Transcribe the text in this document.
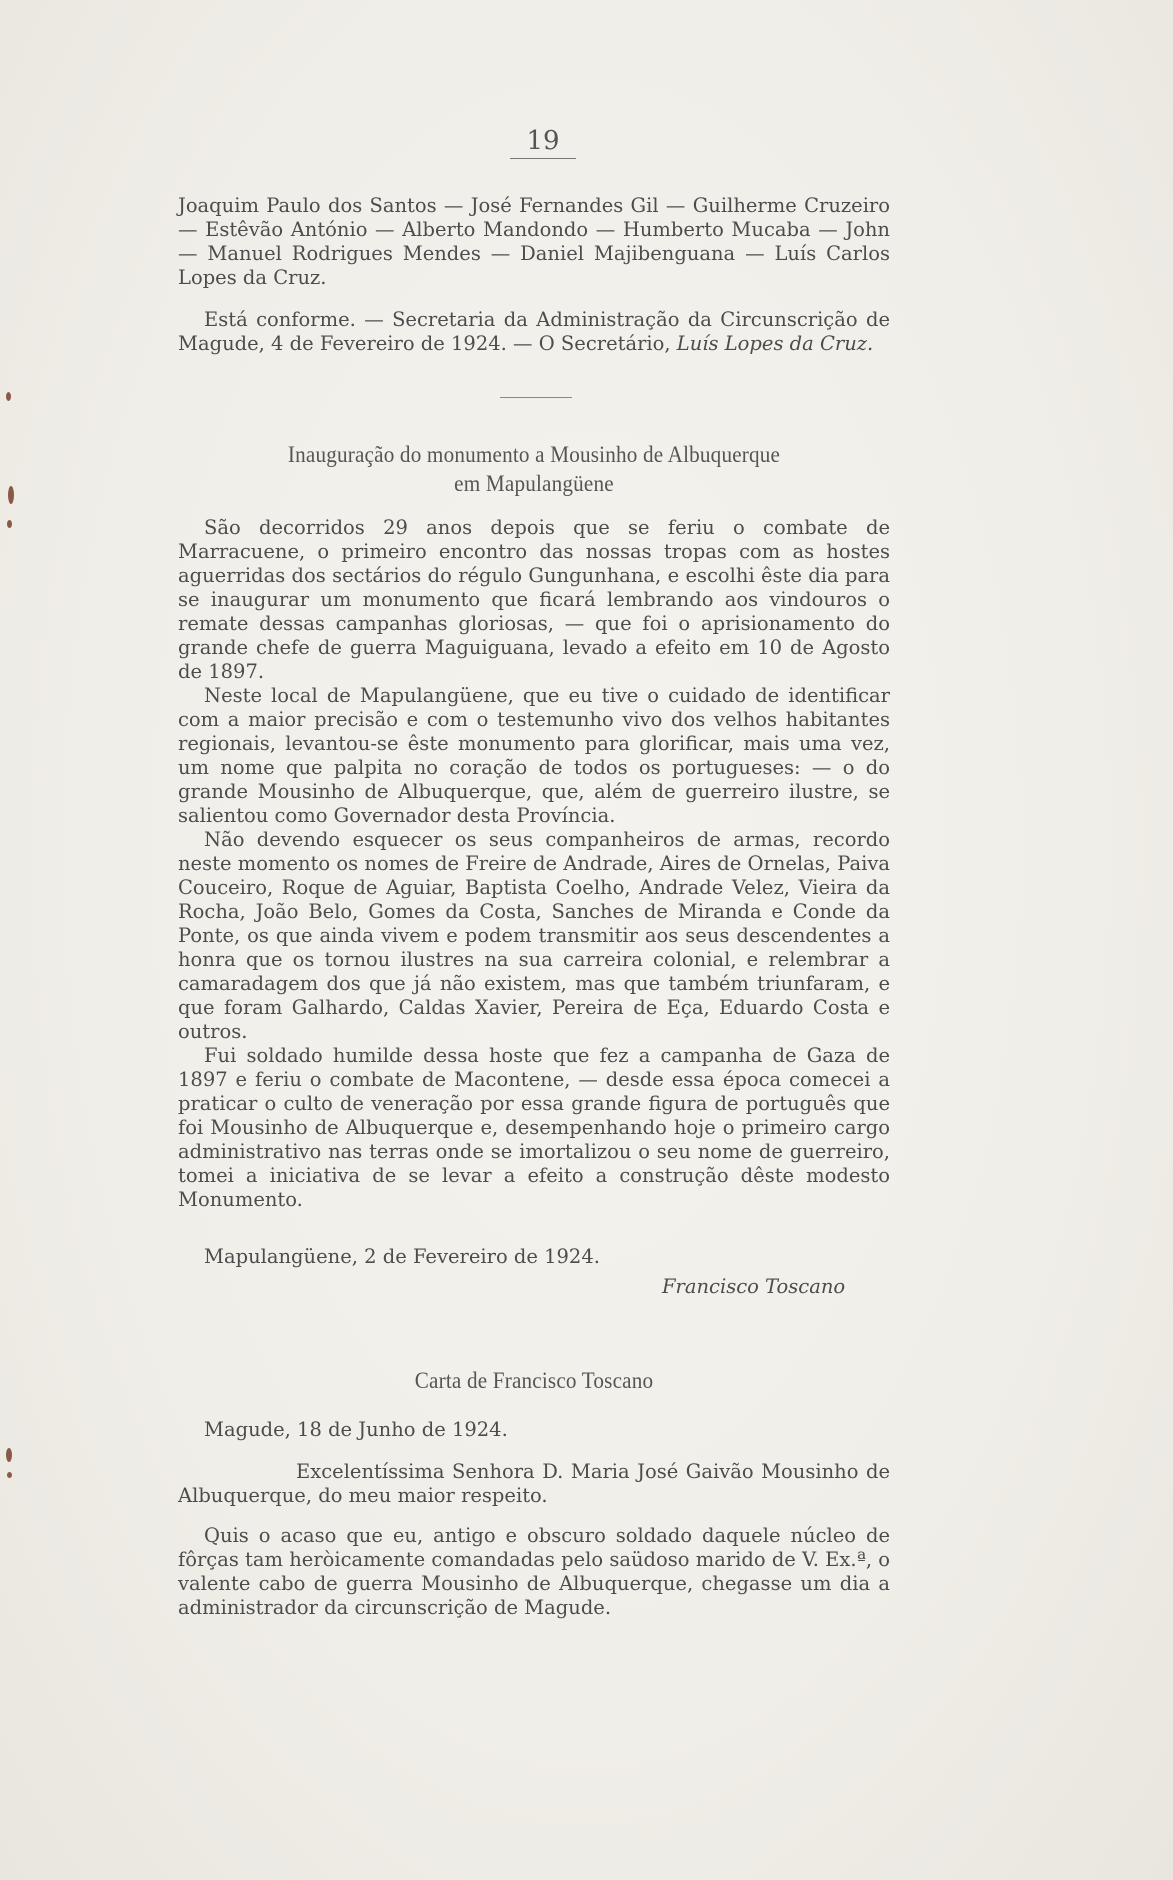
19

Joaquim Paulo dos Santos — José Fernandes Gil — Guilherme Cruzeiro — Estêvão António — Alberto Mandondo — Humberto Mucaba — John — Manuel Rodrigues Mendes — Daniel Majibenguana — Luís Carlos Lopes da Cruz.

Está conforme. — Secretaria da Administração da Circunscrição de Magude, 4 de Fevereiro de 1924. — O Secretário, Luís Lopes da Cruz.

Inauguração do monumento a Mousinho de Albuquerque
em Mapulangüene

São decorridos 29 anos depois que se feriu o combate de Marracuene, o primeiro encontro das nossas tropas com as hostes aguerridas dos sectários do régulo Gungunhana, e escolhi êste dia para se inaugurar um monumento que ficará lembrando aos vindouros o remate dessas campanhas gloriosas, — que foi o aprisionamento do grande chefe de guerra Maguiguana, levado a efeito em 10 de Agosto de 1897.

Neste local de Mapulangüene, que eu tive o cuidado de identificar com a maior precisão e com o testemunho vivo dos velhos habitantes regionais, levantou-se êste monumento para glorificar, mais uma vez, um nome que palpita no coração de todos os portugueses: — o do grande Mousinho de Albuquerque, que, além de guerreiro ilustre, se salientou como Governador desta Província.

Não devendo esquecer os seus companheiros de armas, recordo neste momento os nomes de Freire de Andrade, Aires de Ornelas, Paiva Couceiro, Roque de Aguiar, Baptista Coelho, Andrade Velez, Vieira da Rocha, João Belo, Gomes da Costa, Sanches de Miranda e Conde da Ponte, os que ainda vivem e podem transmitir aos seus descendentes a honra que os tornou ilustres na sua carreira colonial, e relembrar a camaradagem dos que já não existem, mas que também triunfaram, e que foram Galhardo, Caldas Xavier, Pereira de Eça, Eduardo Costa e outros.

Fui soldado humilde dessa hoste que fez a campanha de Gaza de 1897 e feriu o combate de Macontene, — desde essa época comecei a praticar o culto de veneração por essa grande figura de português que foi Mousinho de Albuquerque e, desempenhando hoje o primeiro cargo administrativo nas terras onde se imortalizou o seu nome de guerreiro, tomei a iniciativa de se levar a efeito a construção dêste modesto Monumento.

Mapulangüene, 2 de Fevereiro de 1924.
Francisco Toscano
Carta de Francisco Toscano

Magude, 18 de Junho de 1924.

Excelentíssima Senhora D. Maria José Gaivão Mousinho de Albuquerque, do meu maior respeito.

Quis o acaso que eu, antigo e obscuro soldado daquele núcleo de fôrças tam heròicamente comandadas pelo saüdoso marido de V. Ex.ª, o valente cabo de guerra Mousinho de Albuquerque, chegasse um dia a administrador da circunscrição de Magude.
